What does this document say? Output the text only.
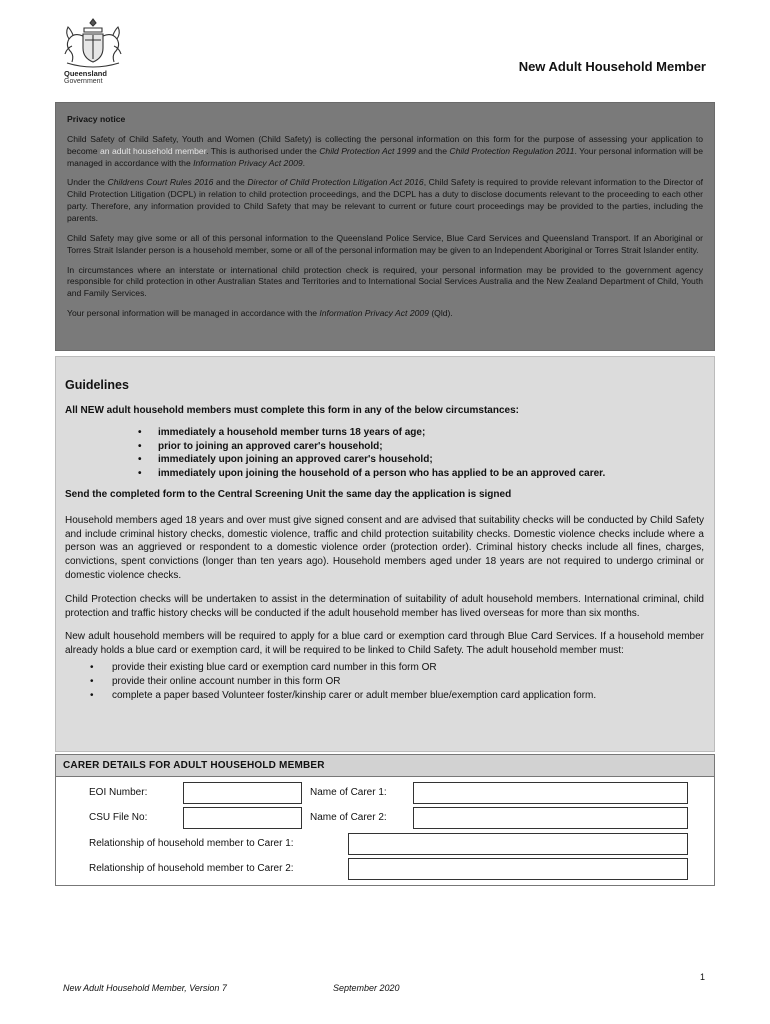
Queensland
Government
New Adult Household Member
Privacy notice

Child Safety of Child Safety, Youth and Women (Child Safety) is collecting the personal information on this form for the purpose of assessing your application to become an adult household member. This is authorised under the Child Protection Act 1999 and the Child Protection Regulation 2011. Your personal information will be managed in accordance with the Information Privacy Act 2009.

Under the Childrens Court Rules 2016 and the Director of Child Protection Litigation Act 2016, Child Safety is required to provide relevant information to the Director of Child Protection Litigation (DCPL) in relation to child protection proceedings, and the DCPL has a duty to disclose documents relevant to the proceeding to each other party. Therefore, any information provided to Child Safety that may be relevant to current or future court proceedings may be provided to the parties, including the parents.

Child Safety may give some or all of this personal information to the Queensland Police Service, Blue Card Services and Queensland Transport. If an Aboriginal or Torres Strait Islander person is a household member, some or all of the personal information may be given to an Independent Aboriginal or Torres Strait Islander entity.

In circumstances where an interstate or international child protection check is required, your personal information may be provided to the government agency responsible for child protection in other Australian States and Territories and to International Social Services Australia and the New Zealand Department of Child, Youth and Family Services.

Your personal information will be managed in accordance with the Information Privacy Act 2009 (Qld).

Guidelines
All NEW adult household members must complete this form in any of the below circumstances:
• immediately a household member turns 18 years of age;
• prior to joining an approved carer's household;
• immediately upon joining an approved carer's household;
• immediately upon joining the household of a person who has applied to be an approved carer.

Send the completed form to the Central Screening Unit the same day the application is signed

Household members aged 18 years and over must give signed consent and are advised that suitability checks will be conducted by Child Safety and include criminal history checks, domestic violence, traffic and child protection suitability checks. Domestic violence checks include where a person was an aggrieved or respondent to a domestic violence order (protection order). Criminal history checks include all fines, charges, convictions, spent convictions (longer than ten years ago). Household members aged under 18 years are not required to undergo criminal or domestic violence checks.

Child Protection checks will be undertaken to assist in the determination of suitability of adult household members. International criminal, child protection and traffic history checks will be conducted if the adult household member has lived overseas for more than six months.

New adult household members will be required to apply for a blue card or exemption card through Blue Card Services. If a household member already holds a blue card or exemption card, it will be required to be linked to Child Safety. The adult household member must:

• provide their existing blue card or exemption card number in this form OR
• provide their online account number in this form OR
• complete a paper based Volunteer foster/kinship carer or adult member blue/exemption card application form.
CARER DETAILS FOR ADULT HOUSEHOLD MEMBER
EOI Number:	Name of Carer 1:
CSU File No:	Name of Carer 2:
Relationship of household member to Carer 1:
Relationship of household member to Carer 2:
1
New Adult Household Member, Version 7	September 2020
